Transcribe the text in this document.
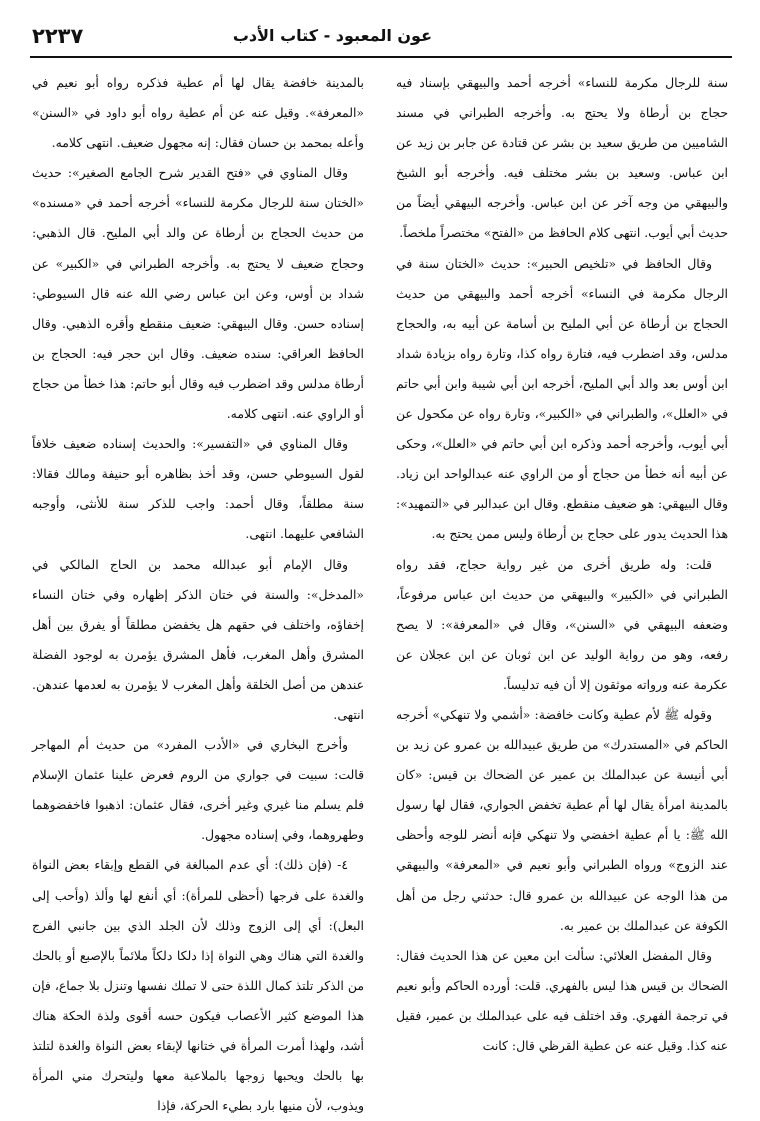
عون المعبود - كتاب الأدب
٢٢٣٧

سنة للرجال مكرمة للنساء» أخرجه أحمد والبيهقي بإسناد فيه حجاج بن أرطاة ولا يحتج به. وأخرجه الطبراني في مسند الشاميين من طريق سعيد بن بشر عن قتادة عن جابر بن زيد عن ابن عباس. وسعيد بن بشر مختلف فيه. وأخرجه أبو الشيخ والبيهقي من وجه آخر عن ابن عباس. وأخرجه البيهقي أيضاً من حديث أبي أيوب. انتهى كلام الحافظ من «الفتح» مختصراً ملخصاً.

وقال الحافظ في «تلخيص الحبير»: حديث «الختان سنة في الرجال مكرمة في النساء» أخرجه أحمد والبيهقي من حديث الحجاج بن أرطاة عن أبي المليح بن أسامة عن أبيه به، والحجاج مدلس، وقد اضطرب فيه، فتارة رواه كذا، وتارة رواه بزيادة شداد ابن أوس بعد والد أبي المليح، أخرجه ابن أبي شيبة وابن أبي حاتم في «العلل»، والطبراني في «الكبير»، وتارة رواه عن مكحول عن أبي أيوب، وأخرجه أحمد وذكره ابن أبي حاتم في «العلل»، وحكى عن أبيه أنه خطأ من حجاج أو من الراوي عنه عبدالواحد ابن زياد. وقال البيهقي: هو ضعيف منقطع. وقال ابن عبدالبر في «التمهيد»: هذا الحديث يدور على حجاج بن أرطاة وليس ممن يحتج به.

قلت: وله طريق أخرى من غير رواية حجاج، فقد رواه الطبراني في «الكبير» والبيهقي من حديث ابن عباس مرفوعاً، وضعفه البيهقي في «السنن»، وقال في «المعرفة»: لا يصح رفعه، وهو من رواية الوليد عن ابن ثوبان عن ابن عجلان عن عكرمة عنه ورواته موثقون إلا أن فيه تدليساً.

وقوله ﷺ لأم عطية وكانت خافضة: «أشمي ولا تنهكي» أخرجه الحاكم في «المستدرك» من طريق عبيدالله بن عمرو عن زيد بن أبي أنيسة عن عبدالملك بن عمير عن الضحاك بن قيس: «كان بالمدينة امرأة يقال لها أم عطية تخفض الجواري، فقال لها رسول الله ﷺ: يا أم عطية اخفضي ولا تنهكي فإنه أنضر للوجه وأحظى عند الزوج» ورواه الطبراني وأبو نعيم في «المعرفة» والبيهقي من هذا الوجه عن عبيدالله بن عمرو قال: حدثني رجل من أهل الكوفة عن عبدالملك بن عمير به.

وقال المفضل العلائي: سألت ابن معين عن هذا الحديث فقال: الضحاك بن قيس هذا ليس بالفهري. قلت: أورده الحاكم وأبو نعيم في ترجمة الفهري. وقد اختلف فيه على عبدالملك بن عمير، فقيل عنه كذا. وقيل عنه عن عطية القرظي قال: كانت

بالمدينة خافضة يقال لها أم عطية فذكره رواه أبو نعيم في «المعرفة». وقيل عنه عن أم عطية رواه أبو داود في «السنن» وأعله بمحمد بن حسان فقال: إنه مجهول ضعيف. انتهى كلامه.

وقال المناوي في «فتح القدير شرح الجامع الصغير»: حديث «الختان سنة للرجال مكرمة للنساء» أخرجه أحمد في «مسنده» من حديث الحجاج بن أرطاة عن والد أبي المليح. قال الذهبي: وحجاج ضعيف لا يحتج به. وأخرجه الطبراني في «الكبير» عن شداد بن أوس، وعن ابن عباس رضي الله عنه قال السيوطي: إسناده حسن. وقال البيهقي: ضعيف منقطع وأقره الذهبي. وقال الحافظ العراقي: سنده ضعيف. وقال ابن حجر فيه: الحجاج بن أرطاة مدلس وقد اضطرب فيه وقال أبو حاتم: هذا خطأ من حجاج أو الراوي عنه. انتهى كلامه.

وقال المناوي في «التفسير»: والحديث إسناده ضعيف خلافاً لقول السيوطي حسن، وقد أخذ بظاهره أبو حنيفة ومالك فقالا: سنة مطلقاً، وقال أحمد: واجب للذكر سنة للأنثى، وأوجبه الشافعي عليهما. انتهى.

وقال الإمام أبو عبدالله محمد بن الحاج المالكي في «المدخل»: والسنة في ختان الذكر إظهاره وفي ختان النساء إخفاؤه، واختلف في حقهم هل يخفضن مطلقاً أو يفرق بين أهل المشرق وأهل المغرب، فأهل المشرق يؤمرن به لوجود الفضلة عندهن من أصل الخلقة وأهل المغرب لا يؤمرن به لعدمها عندهن. انتهى.

وأخرج البخاري في «الأدب المفرد» من حديث أم المهاجر قالت: سبيت في جواري من الروم فعرض علينا عثمان الإسلام فلم يسلم منا غيري وغير أخرى، فقال عثمان: اذهبوا فاخفضوهما وطهروهما، وفي إسناده مجهول.

٤- (فإن ذلك): أي عدم المبالغة في القطع وإبقاء بعض النواة والغدة على فرجها (أحظى للمرأة): أي أنفع لها وألذ (وأحب إلى البعل): أي إلى الزوج وذلك لأن الجلد الذي بين جانبي الفرج والغدة التي هناك وهي النواة إذا دلكا دلكاً ملائماً بالإصبع أو بالحك من الذكر تلتذ كمال اللذة حتى لا تملك نفسها وتنزل بلا جماع، فإن هذا الموضع كثير الأعصاب فيكون حسه أقوى ولذة الحكة هناك أشد، ولهذا أمرت المرأة في ختانها لإبقاء بعض النواة والغدة لتلتذ بها بالحك ويحبها زوجها بالملاعبة معها وليتحرك مني المرأة ويذوب، لأن منيها بارد بطيء الحركة، فإذا
